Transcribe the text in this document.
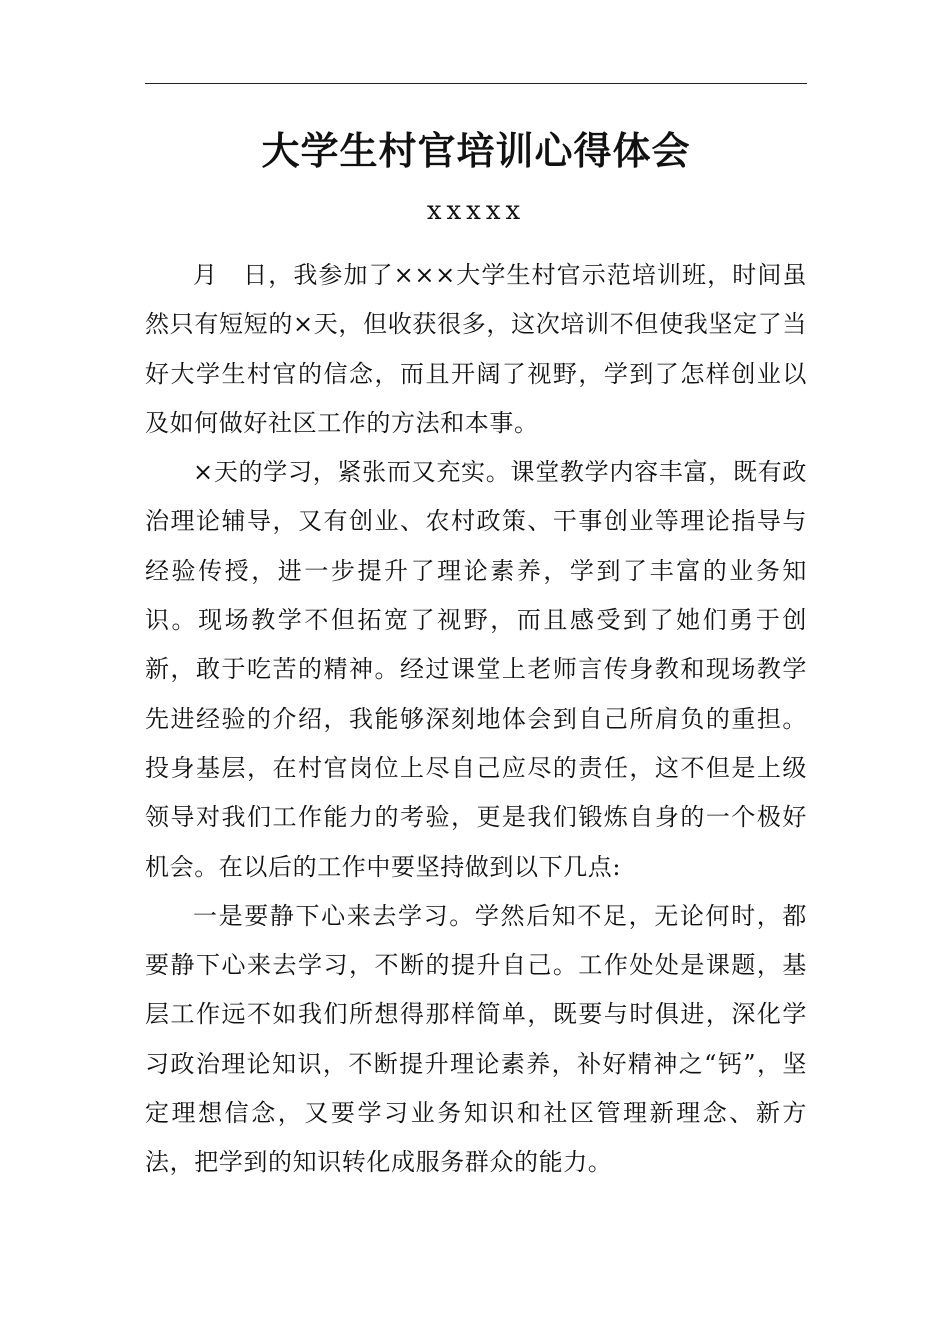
大学生村官培训心得体会
xxxxx

月　日，我参加了×××大学生村官示范培训班，时间虽然只有短短的×天，但收获很多，这次培训不但使我坚定了当好大学生村官的信念，而且开阔了视野，学到了怎样创业以及如何做好社区工作的方法和本事。

×天的学习，紧张而又充实。课堂教学内容丰富，既有政治理论辅导，又有创业、农村政策、干事创业等理论指导与经验传授，进一步提升了理论素养，学到了丰富的业务知识。现场教学不但拓宽了视野，而且感受到了她们勇于创新，敢于吃苦的精神。经过课堂上老师言传身教和现场教学先进经验的介绍，我能够深刻地体会到自己所肩负的重担。投身基层，在村官岗位上尽自己应尽的责任，这不但是上级领导对我们工作能力的考验，更是我们锻炼自身的一个极好机会。在以后的工作中要坚持做到以下几点:

一是要静下心来去学习。学然后知不足，无论何时，都要静下心来去学习，不断的提升自己。工作处处是课题，基层工作远不如我们所想得那样简单，既要与时俱进，深化学习政治理论知识，不断提升理论素养，补好精神之“钙”，坚定理想信念，又要学习业务知识和社区管理新理念、新方法，把学到的知识转化成服务群众的能力。
